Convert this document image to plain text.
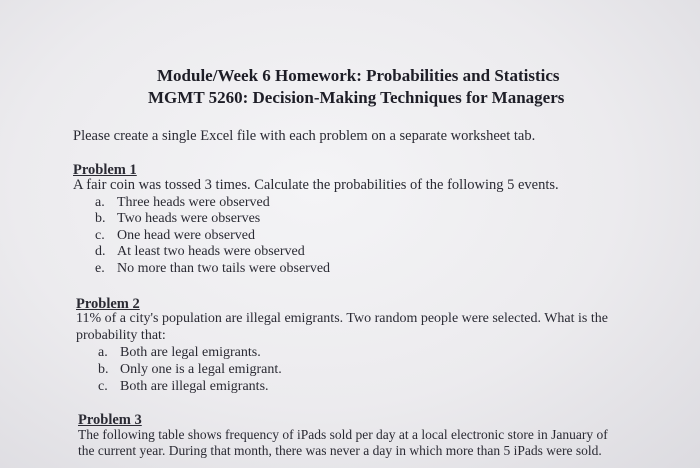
Module/Week 6 Homework: Probabilities and Statistics
MGMT 5260: Decision-Making Techniques for Managers
Please create a single Excel file with each problem on a separate worksheet tab.
Problem 1
A fair coin was tossed 3 times. Calculate the probabilities of the following 5 events.
a. Three heads were observed
b. Two heads were observes
c. One head were observed
d. At least two heads were observed
e. No more than two tails were observed
Problem 2
11% of a city's population are illegal emigrants. Two random people were selected. What is the
probability that:
a. Both are legal emigrants.
b. Only one is a legal emigrant.
c. Both are illegal emigrants.
Problem 3
The following table shows frequency of iPads sold per day at a local electronic store in January of
the current year. During that month, there was never a day in which more than 5 iPads were sold.
